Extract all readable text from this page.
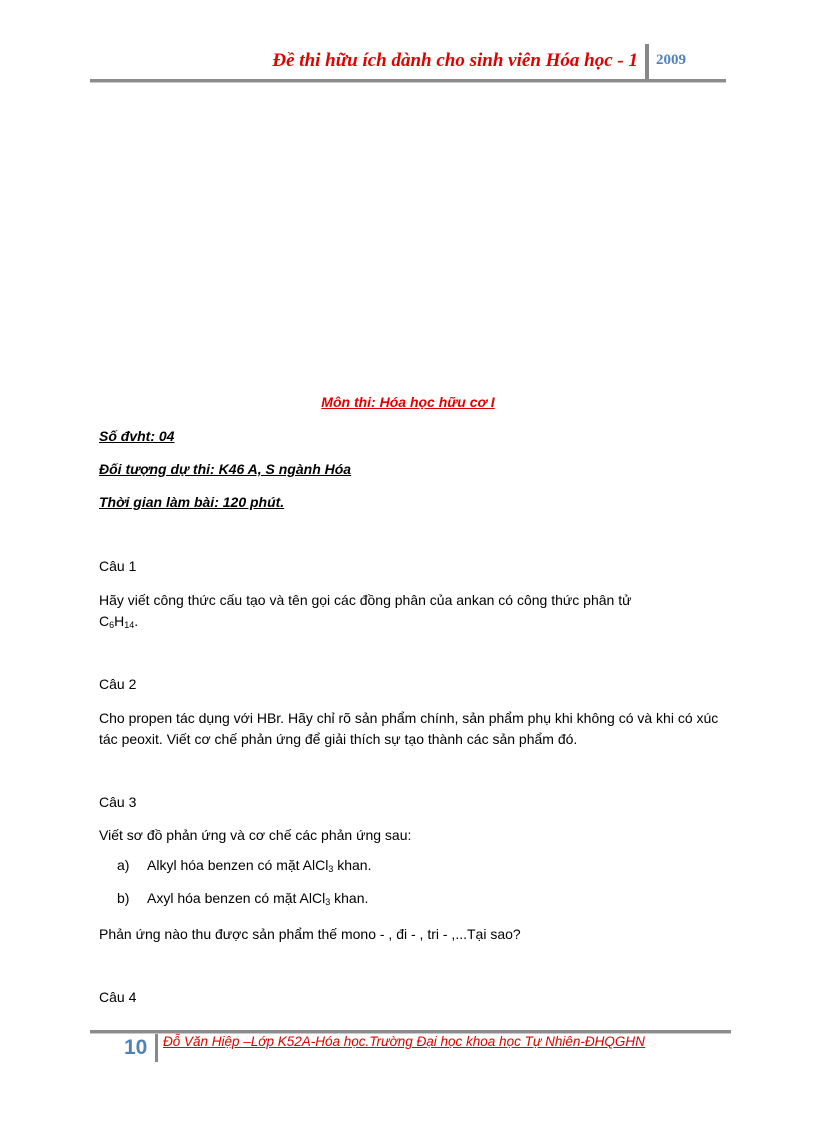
Đề thi hữu ích dành cho sinh viên Hóa học - 1 2009
Môn thi: Hóa học hữu cơ I
Số đvht: 04
Đối tượng dự thi: K46 A, S ngành Hóa
Thời gian làm bài: 120 phút.
Câu 1
Hãy viết công thức cấu tạo và tên gọi các đồng phân của ankan có công thức phân tử
$C_6H_{14}$.
Câu 2
Cho propen tác dụng với HBr. Hãy chỉ rõ sản phẩm chính, sản phẩm phụ khi không có và khi có xúc tác peoxit. Viết cơ chế phản ứng để giải thích sự tạo thành các sản phẩm đó.
Câu 3
Viết sơ đồ phản ứng và cơ chế các phản ứng sau:
a) Alkyl hóa benzen có mặt AlCl$_3$ khan.
b) Axyl hóa benzen có mặt AlCl$_3$ khan.
Phản ứng nào thu được sản phẩm thế mono - , đi - , tri - ,...Tại sao?
Câu 4
10 Đỗ Văn Hiệp –Lớp K52A-Hóa học.Trường Đại học khoa học Tự Nhiên-ĐHQGHN
